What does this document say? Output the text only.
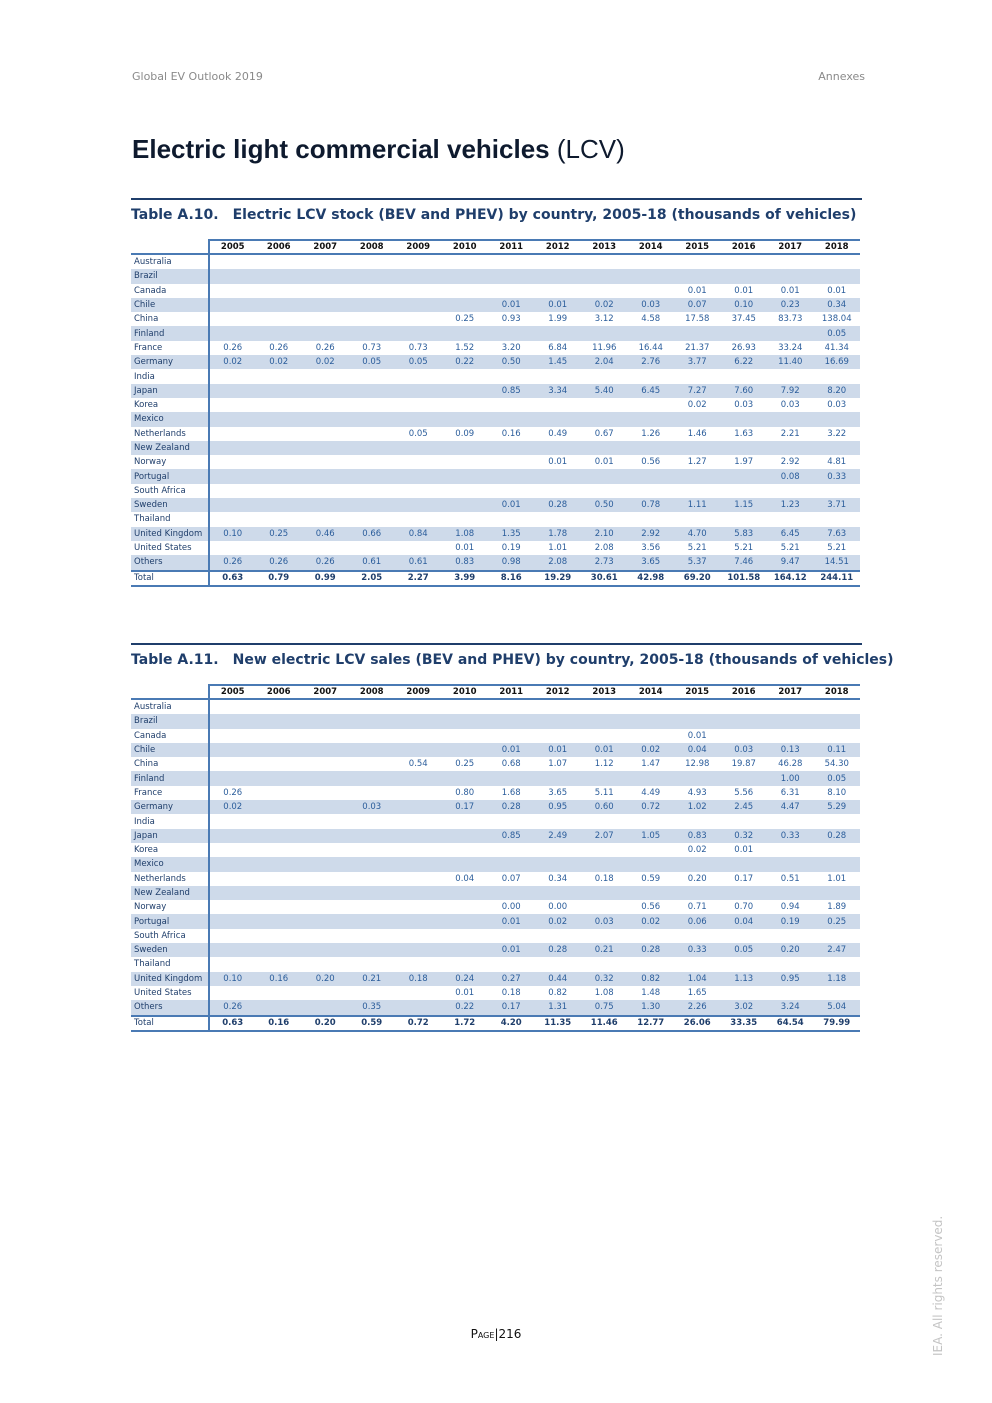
Global EV Outlook 2019	Annexes
Electric light commercial vehicles (LCV)
Table A.10. Electric LCV stock (BEV and PHEV) by country, 2005-18 (thousands of vehicles)
	2005	2006	2007	2008	2009	2010	2011	2012	2013	2014	2015	2016	2017	2018
Australia														
Brazil														
Canada											0.01	0.01	0.01	0.01
Chile							0.01	0.01	0.02	0.03	0.07	0.10	0.23	0.34
China						0.25	0.93	1.99	3.12	4.58	17.58	37.45	83.73	138.04
Finland														0.05
France	0.26	0.26	0.26	0.73	0.73	1.52	3.20	6.84	11.96	16.44	21.37	26.93	33.24	41.34
Germany	0.02	0.02	0.02	0.05	0.05	0.22	0.50	1.45	2.04	2.76	3.77	6.22	11.40	16.69
India														
Japan							0.85	3.34	5.40	6.45	7.27	7.60	7.92	8.20
Korea											0.02	0.03	0.03	0.03
Mexico														
Netherlands					0.05	0.09	0.16	0.49	0.67	1.26	1.46	1.63	2.21	3.22
New Zealand														
Norway								0.01	0.01	0.56	1.27	1.97	2.92	4.81
Portugal													0.08	0.33
South Africa														
Sweden							0.01	0.28	0.50	0.78	1.11	1.15	1.23	3.71
Thailand														
United Kingdom	0.10	0.25	0.46	0.66	0.84	1.08	1.35	1.78	2.10	2.92	4.70	5.83	6.45	7.63
United States						0.01	0.19	1.01	2.08	3.56	5.21	5.21	5.21	5.21
Others	0.26	0.26	0.26	0.61	0.61	0.83	0.98	2.08	2.73	3.65	5.37	7.46	9.47	14.51
Total	0.63	0.79	0.99	2.05	2.27	3.99	8.16	19.29	30.61	42.98	69.20	101.58	164.12	244.11
Table A.11. New electric LCV sales (BEV and PHEV) by country, 2005-18 (thousands of vehicles)
	2005	2006	2007	2008	2009	2010	2011	2012	2013	2014	2015	2016	2017	2018
Australia														
Brazil														
Canada											0.01			
Chile							0.01	0.01	0.01	0.02	0.04	0.03	0.13	0.11
China					0.54	0.25	0.68	1.07	1.12	1.47	12.98	19.87	46.28	54.30
Finland													1.00	0.05
France	0.26					0.80	1.68	3.65	5.11	4.49	4.93	5.56	6.31	8.10
Germany	0.02			0.03		0.17	0.28	0.95	0.60	0.72	1.02	2.45	4.47	5.29
India														
Japan							0.85	2.49	2.07	1.05	0.83	0.32	0.33	0.28
Korea											0.02	0.01		
Mexico														
Netherlands						0.04	0.07	0.34	0.18	0.59	0.20	0.17	0.51	1.01
New Zealand														
Norway							0.00	0.00		0.56	0.71	0.70	0.94	1.89
Portugal							0.01	0.02	0.03	0.02	0.06	0.04	0.19	0.25
South Africa														
Sweden							0.01	0.28	0.21	0.28	0.33	0.05	0.20	2.47
Thailand														
United Kingdom	0.10	0.16	0.20	0.21	0.18	0.24	0.27	0.44	0.32	0.82	1.04	1.13	0.95	1.18
United States						0.01	0.18	0.82	1.08	1.48	1.65			
Others	0.26			0.35		0.22	0.17	1.31	0.75	1.30	2.26	3.02	3.24	5.04
Total	0.63	0.16	0.20	0.59	0.72	1.72	4.20	11.35	11.46	12.77	26.06	33.35	64.54	79.99
Page|216	IEA. All rights reserved.
